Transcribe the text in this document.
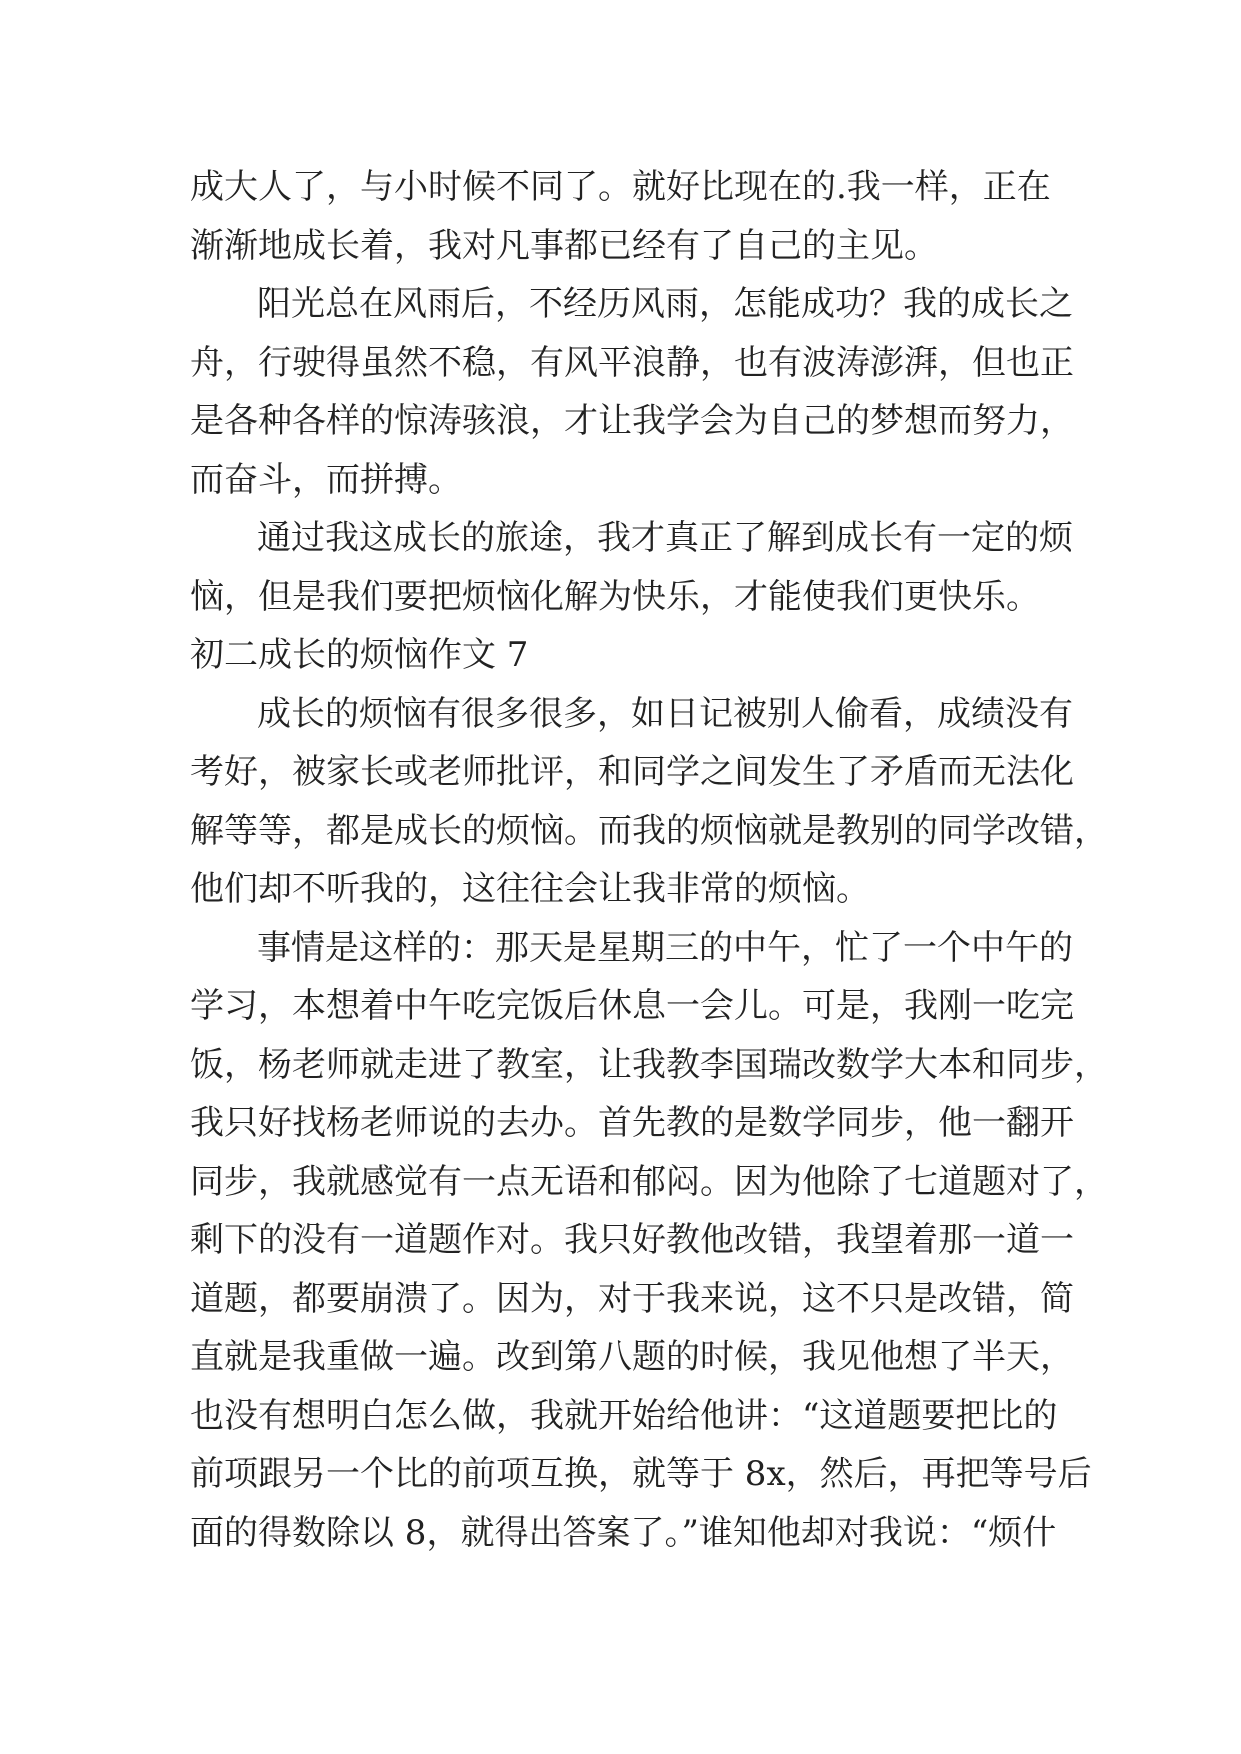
成大人了，与小时候不同了。就好比现在的.我一样，正在
渐渐地成长着，我对凡事都已经有了自己的主见。
阳光总在风雨后，不经历风雨，怎能成功？我的成长之
舟，行驶得虽然不稳，有风平浪静，也有波涛澎湃，但也正
是各种各样的惊涛骇浪，才让我学会为自己的梦想而努力，
而奋斗，而拼搏。
通过我这成长的旅途，我才真正了解到成长有一定的烦
恼，但是我们要把烦恼化解为快乐，才能使我们更快乐。
初二成长的烦恼作文 7
成长的烦恼有很多很多，如日记被别人偷看，成绩没有
考好，被家长或老师批评，和同学之间发生了矛盾而无法化
解等等，都是成长的烦恼。而我的烦恼就是教别的同学改错，
他们却不听我的，这往往会让我非常的烦恼。
事情是这样的：那天是星期三的中午，忙了一个中午的
学习，本想着中午吃完饭后休息一会儿。可是，我刚一吃完
饭，杨老师就走进了教室，让我教李国瑞改数学大本和同步，
我只好找杨老师说的去办。首先教的是数学同步，他一翻开
同步，我就感觉有一点无语和郁闷。因为他除了七道题对了，
剩下的没有一道题作对。我只好教他改错，我望着那一道一
道题，都要崩溃了。因为，对于我来说，这不只是改错，简
直就是我重做一遍。改到第八题的时候，我见他想了半天，
也没有想明白怎么做，我就开始给他讲：“这道题要把比的
前项跟另一个比的前项互换，就等于 8x，然后，再把等号后
面的得数除以 8，就得出答案了。”谁知他却对我说：“烦什
